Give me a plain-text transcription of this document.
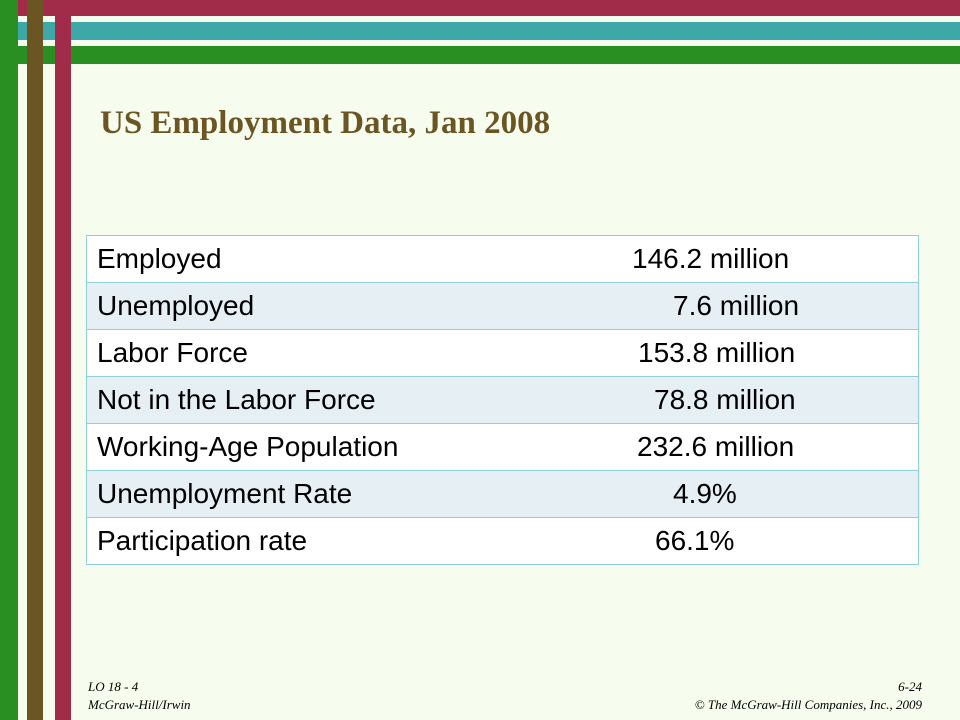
US Employment Data, Jan 2008
Employed	146.2 million
Unemployed	7.6 million
Labor Force	153.8 million
Not in the Labor Force	78.8 million
Working-Age Population	232.6 million
Unemployment Rate	4.9%
Participation rate	66.1%
LO 18 - 4
McGraw-Hill/Irwin
6-24
© The McGraw-Hill Companies, Inc., 2009
